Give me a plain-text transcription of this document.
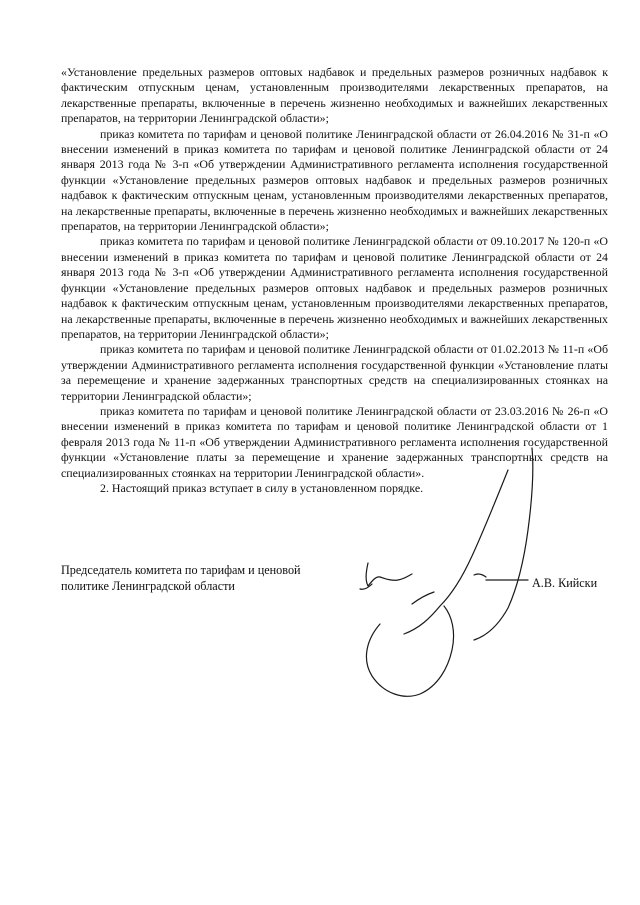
«Установление предельных размеров оптовых надбавок и предельных размеров розничных надбавок к фактическим отпускным ценам, установленным производителями лекарственных препаратов, на лекарственные препараты, включенные в перечень жизненно необходимых и важнейших лекарственных препаратов, на территории Ленинградской области»;

приказ комитета по тарифам и ценовой политике Ленинградской области от 26.04.2016 № 31-п «О внесении изменений в приказ комитета по тарифам и ценовой политике Ленинградской области от 24 января 2013 года № 3-п «Об утверждении Административного регламента исполнения государственной функции «Установление предельных размеров оптовых надбавок и предельных размеров розничных надбавок к фактическим отпускным ценам, установленным производителями лекарственных препаратов, на лекарственные препараты, включенные в перечень жизненно необходимых и важнейших лекарственных препаратов, на территории Ленинградской области»;

приказ комитета по тарифам и ценовой политике Ленинградской области от 09.10.2017 № 120-п «О внесении изменений в приказ комитета по тарифам и ценовой политике Ленинградской области от 24 января 2013 года № 3-п «Об утверждении Административного регламента исполнения государственной функции «Установление предельных размеров оптовых надбавок и предельных размеров розничных надбавок к фактическим отпускным ценам, установленным производителями лекарственных препаратов, на лекарственные препараты, включенные в перечень жизненно необходимых и важнейших лекарственных препаратов, на территории Ленинградской области»;

приказ комитета по тарифам и ценовой политике Ленинградской области от 01.02.2013 № 11-п «Об утверждении Административного регламента исполнения государственной функции «Установление платы за перемещение и хранение задержанных транспортных средств на специализированных стоянках на территории Ленинградской области»;

приказ комитета по тарифам и ценовой политике Ленинградской области от 23.03.2016 № 26-п «О внесении изменений в приказ комитета по тарифам и ценовой политике Ленинградской области от 1 февраля 2013 года № 11-п «Об утверждении Административного регламента исполнения государственной функции «Установление платы за перемещение и хранение задержанных транспортных средств на специализированных стоянках на территории Ленинградской области».

2. Настоящий приказ вступает в силу в установленном порядке.

Председатель комитета по тарифам и ценовой политике Ленинградской области	А.В. Кийски
